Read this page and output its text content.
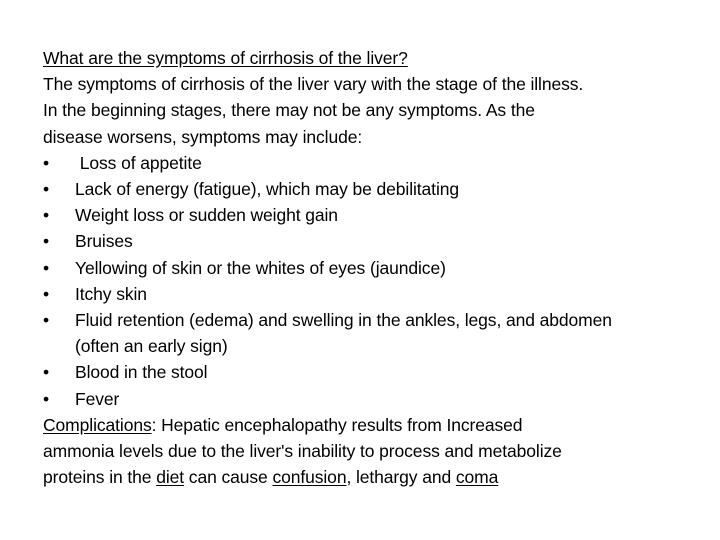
What are the symptoms of cirrhosis of the liver?
The symptoms of cirrhosis of the liver vary with the stage of the illness.
In the beginning stages, there may not be any symptoms. As the
disease worsens, symptoms may include:
•	Loss of appetite
•	Lack of energy (fatigue), which may be debilitating
•	Weight loss or sudden weight gain
•	Bruises
•	Yellowing of skin or the whites of eyes (jaundice)
•	Itchy skin
•	Fluid retention (edema) and swelling in the ankles, legs, and abdomen (often an early sign)
•	Blood in the stool
•	Fever
Complications: Hepatic encephalopathy results from Increased
ammonia levels due to the liver's inability to process and metabolize
proteins in the diet can cause confusion, lethargy and coma
